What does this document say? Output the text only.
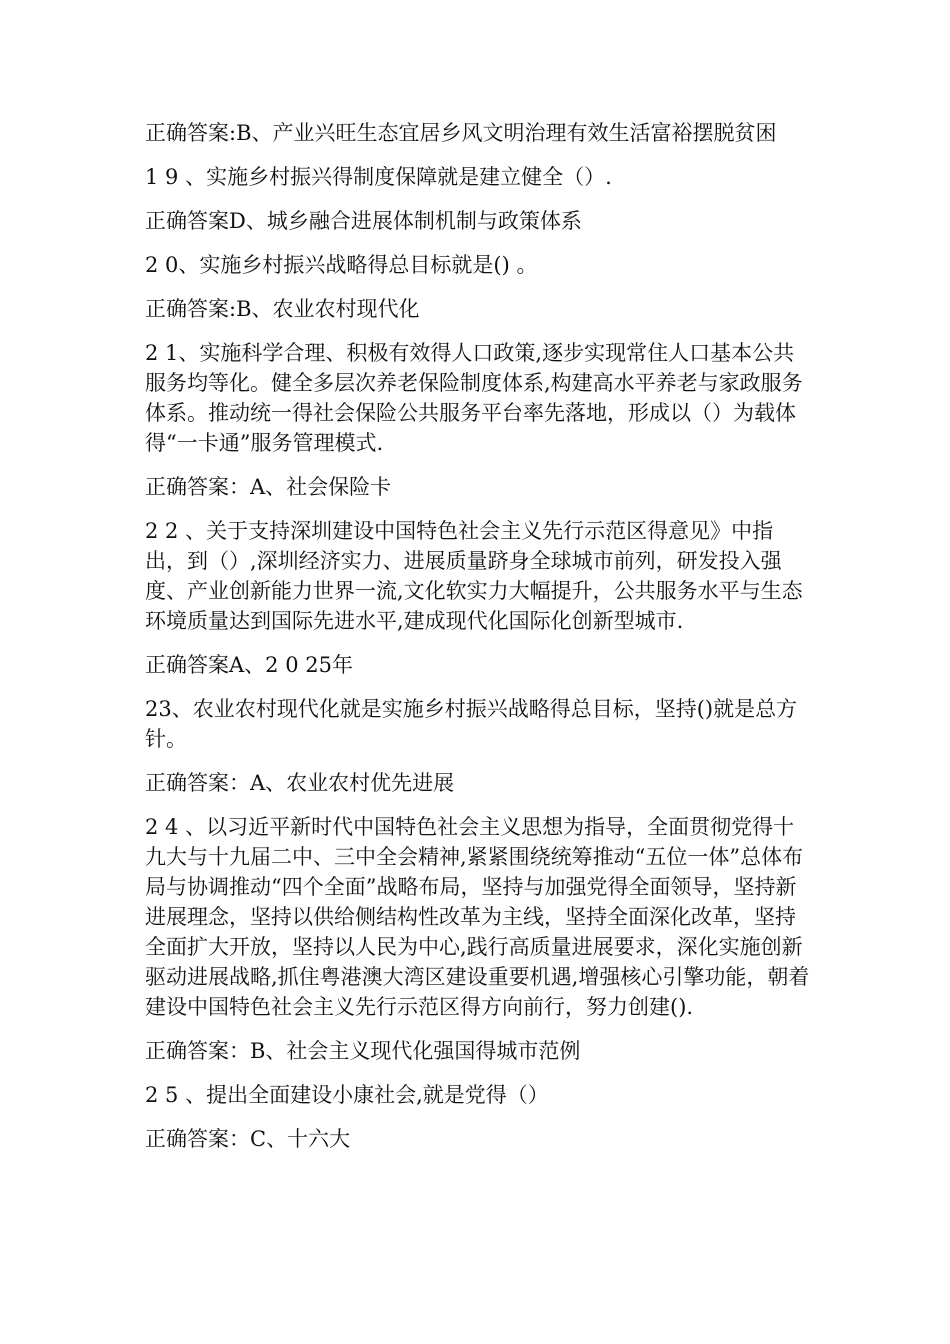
正确答案:B、产业兴旺生态宜居乡风文明治理有效生活富裕摆脱贫困

1 9 、实施乡村振兴得制度保障就是建立健全（）.

正确答案D、城乡融合进展体制机制与政策体系

2 0、实施乡村振兴战略得总目标就是() 。

正确答案:B、农业农村现代化

2 1、实施科学合理、积极有效得人口政策,逐步实现常住人口基本公共服务均等化。健全多层次养老保险制度体系,构建高水平养老与家政服务体系。推动统一得社会保险公共服务平台率先落地，形成以（）为载体得“一卡通”服务管理模式.

正确答案：A、社会保险卡

2 2 、关于支持深圳建设中国特色社会主义先行示范区得意见》中指出，到（）,深圳经济实力、进展质量跻身全球城市前列，研发投入强度、产业创新能力世界一流,文化软实力大幅提升，公共服务水平与生态环境质量达到国际先进水平,建成现代化国际化创新型城市.

正确答案A、2 0 25年

23、农业农村现代化就是实施乡村振兴战略得总目标，坚持()就是总方针。

正确答案：A、农业农村优先进展

2 4 、以习近平新时代中国特色社会主义思想为指导，全面贯彻党得十九大与十九届二中、三中全会精神,紧紧围绕统筹推动“五位一体”总体布局与协调推动“四个全面”战略布局，坚持与加强党得全面领导，坚持新进展理念，坚持以供给侧结构性改革为主线，坚持全面深化改革，坚持全面扩大开放，坚持以人民为中心,践行高质量进展要求，深化实施创新驱动进展战略,抓住粤港澳大湾区建设重要机遇,增强核心引擎功能，朝着建设中国特色社会主义先行示范区得方向前行，努力创建().

正确答案：B、社会主义现代化强国得城市范例

2 5 、提出全面建设小康社会,就是党得（）

正确答案：C、十六大
